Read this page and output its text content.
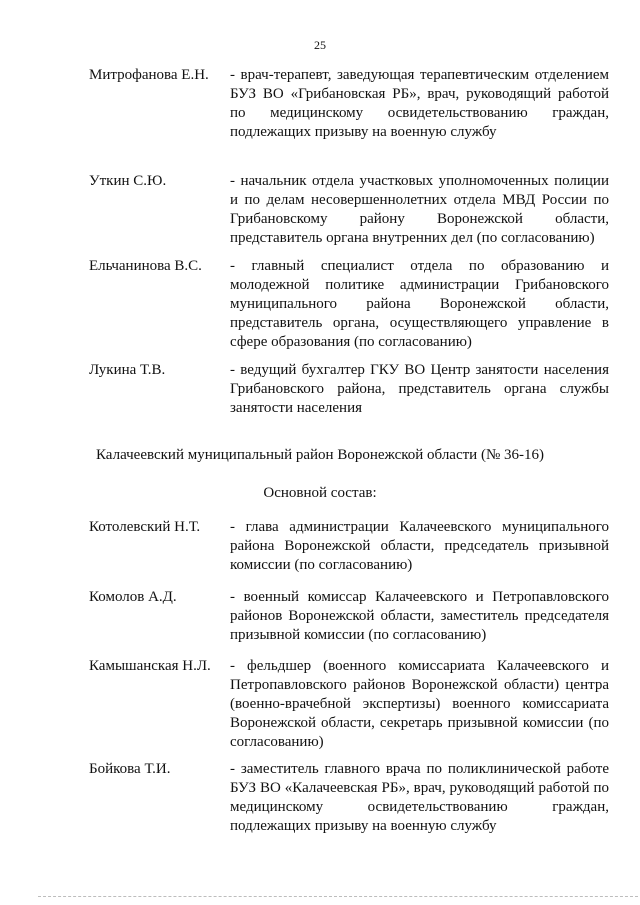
25
Митрофанова Е.Н.	- врач-терапевт, заведующая терапевтическим отделением БУЗ ВО «Грибановская РБ», врач, руководящий работой по медицинскому освидетельствованию граждан, подлежащих призыву на военную службу
Уткин С.Ю.	- начальник отдела участковых уполномоченных полиции и по делам несовершеннолетних отдела МВД России по Грибановскому району Воронежской области, представитель органа внутренних дел (по согласованию)
Ельчанинова В.С.	- главный специалист отдела по образованию и молодежной политике администрации Грибановского муниципального района Воронежской области, представитель органа, осуществляющего управление в сфере образования (по согласованию)
Лукина Т.В.	- ведущий бухгалтер ГКУ ВО Центр занятости населения Грибановского района, представитель органа службы занятости населения
Калачеевский муниципальный район Воронежской области (№ 36-16)
Основной состав:
Котолевский Н.Т.	- глава администрации Калачеевского муниципального района Воронежской области, председатель призывной комиссии (по согласованию)
Комолов А.Д.	- военный комиссар Калачеевского и Петропавловского районов Воронежской области, заместитель председателя призывной комиссии (по согласованию)
Камышанская Н.Л.	- фельдшер (военного комиссариата Калачеевского и Петропавловского районов Воронежской области) центра (военно-врачебной экспертизы) военного комиссариата Воронежской области, секретарь призывной комиссии (по согласованию)
Бойкова Т.И.	- заместитель главного врача по поликлинической работе БУЗ ВО «Калачеевская РБ», врач, руководящий работой по медицинскому освидетельствованию граждан, подлежащих призыву на военную службу
